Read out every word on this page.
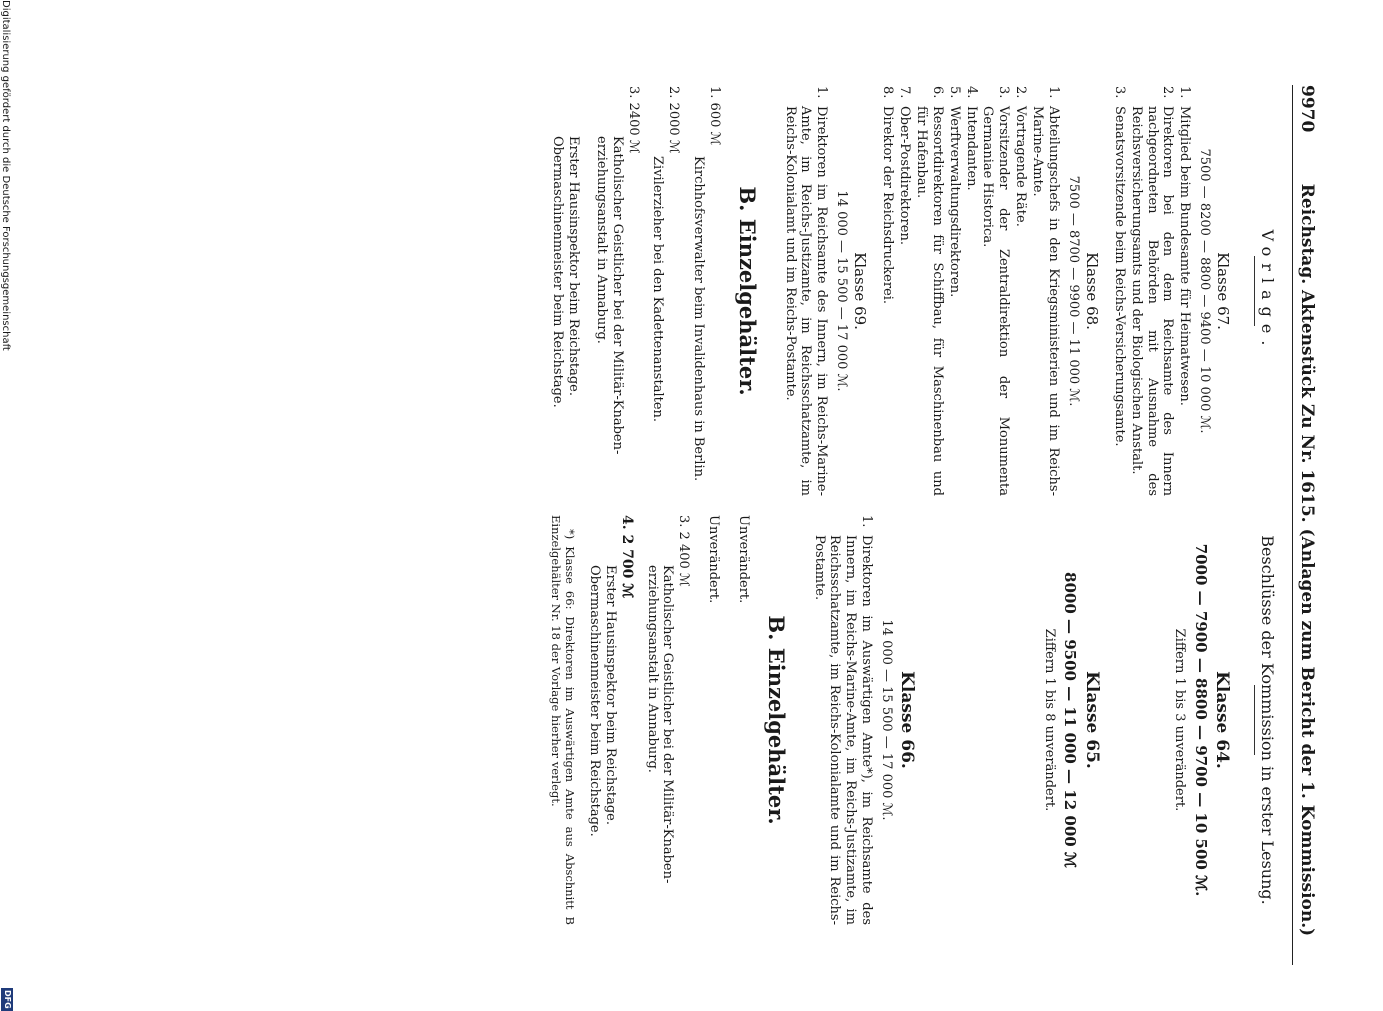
9970
Reichstag. Aktenstück Zu Nr. 1615. (Anlagen zum Bericht der 1. Kommission.)
Vorlage.
Klasse 67.
7500 — 8200 — 8800 — 9400 — 10 000 ℳ.
1.
Mitglied beim Bundesamte für Heimatwesen.
2.
Direktoren bei den dem Reichsamte des Innern nachgeordneten Behörden mit Ausnahme des Reichsversicherungsamts und der Biologischen Anstalt.
3.
Senatsvorsitzende beim Reichs-Versicherungsamte.
Klasse 68.
7500 — 8700 — 9900 — 11 000 ℳ.
1.
Abteilungschefs in den Kriegsministerien und im Reichs-Marine-Amte.
2.
Vortragende Räte.
3.
Vorsitzender der Zentraldirektion der Monumenta Germaniae Historica.
4.
Intendanten.
5.
Werftverwaltungsdirektoren.
6.
Ressortdirektoren für Schiffbau, für Maschinenbau und für Hafenbau.
7.
Ober-Postdirektoren.
8.
Direktor der Reichsdruckerei.
Klasse 69.
14 000 — 15 500 — 17 000 ℳ.
1.
Direktoren im Reichsamte des Innern, im Reichs-Marine-Amte, im Reichs-Justizamte, im Reichsschatzamte, im Reichs-Kolonialamt und im Reichs-Postamte.
B. Einzelgehälter.
1. 600 ℳ
Kirchhofsverwalter beim Invalidenhaus in Berlin.
2. 2000 ℳ
Zivilerzieher bei den Kadettenanstalten.
3. 2400 ℳ
Katholischer Geistlicher bei der Militär-Knaben-erziehungsanstalt in Annaburg.
Erster Hausinspektor beim Reichstage.
Obermaschinenmeister beim Reichstage.
Beschlüsse der Kommission in erster Lesung.
Klasse 64.
7000 — 7900 — 8800 — 9700 — 10 500 ℳ.
Ziffern 1 bis 3 unverändert.
Klasse 65.
8000 — 9500 — 11 000 — 12 000 ℳ
Ziffern 1 bis 8 unverändert.
Klasse 66.
14 000 — 15 500 — 17 000 ℳ.
1.
Direktoren im Auswärtigen Amte*), im Reichsamte des Innern, im Reichs-Marine-Amte, im Reichs-Justizamte, im Reichsschatzamte, im Reichs-Kolonialamte und im Reichs-Postamte.
B. Einzelgehälter.
Unverändert.
Unverändert.
3. 2 400 ℳ
Katholischer Geistlicher bei der Militär-Knaben-erziehungsanstalt in Annaburg.
4. 2 700 ℳ
Erster Hausinspektor beim Reichstage.
Obermaschinenmeister beim Reichstage.
*) Klasse 66: Direktoren im Auswärtigen Amte aus Abschnitt B Einzelgehälter Nr. 18 der Vorlage hierher verlegt.
Digitalisierung gefördert durch die Deutsche Forschungsgemeinschaft
DFG
